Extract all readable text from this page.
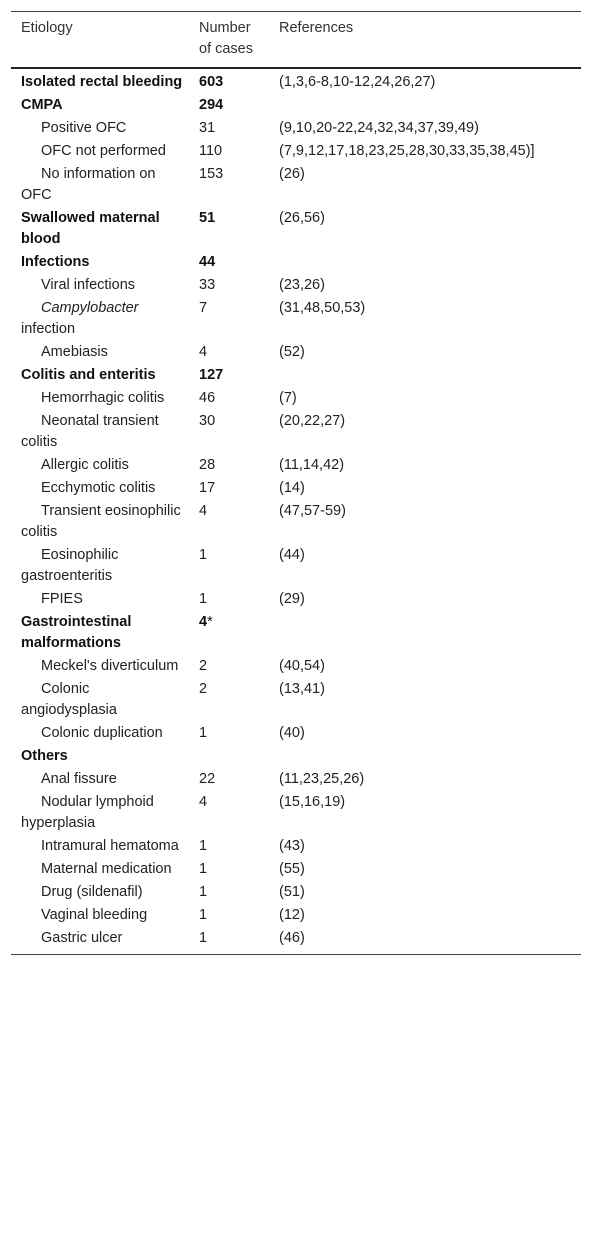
Etiology	Number of cases	References
Isolated rectal bleeding	603	(1,3,6-8,10-12,24,26,27)
CMPA	294	
Positive OFC	31	(9,10,20-22,24,32,34,37,39,49)
OFC not performed	110	(7,9,12,17,18,23,25,28,30,33,35,38,45)]
No information on OFC	153	(26)
Swallowed maternal blood	51	(26,56)
Infections	44	
Viral infections	33	(23,26)
Campylobacter infection	7	(31,48,50,53)
Amebiasis	4	(52)
Colitis and enteritis	127	
Hemorrhagic colitis	46	(7)
Neonatal transient colitis	30	(20,22,27)
Allergic colitis	28	(11,14,42)
Ecchymotic colitis	17	(14)
Transient eosinophilic colitis	4	(47,57-59)
Eosinophilic gastroenteritis	1	(44)
FPIES	1	(29)
Gastrointestinal malformations	4*	
Meckel's diverticulum	2	(40,54)
Colonic angiodysplasia	2	(13,41)
Colonic duplication	1	(40)
Others		
Anal fissure	22	(11,23,25,26)
Nodular lymphoid hyperplasia	4	(15,16,19)
Intramural hematoma	1	(43)
Maternal medication	1	(55)
Drug (sildenafil)	1	(51)
Vaginal bleeding	1	(12)
Gastric ulcer	1	(46)
